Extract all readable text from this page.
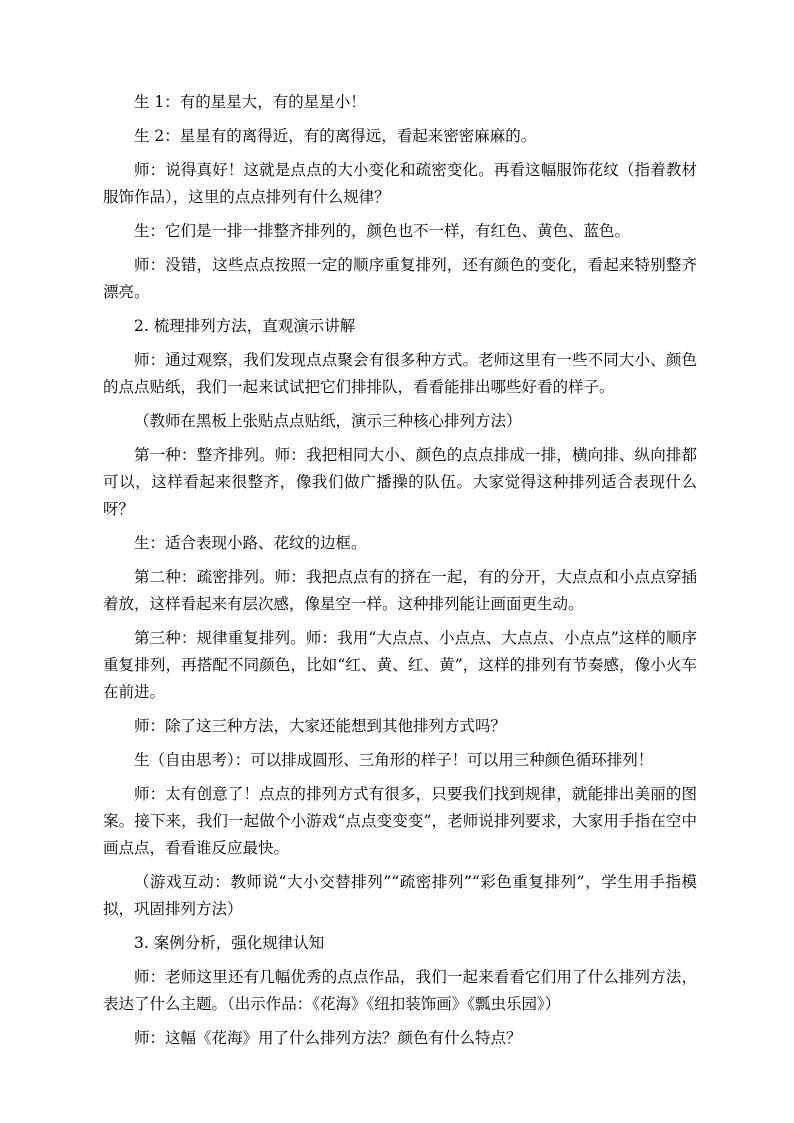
生 1：有的星星大，有的星星小！

生 2：星星有的离得近，有的离得远，看起来密密麻麻的。

师：说得真好！这就是点点的大小变化和疏密变化。再看这幅服饰花纹（指着教材服饰作品），这里的点点排列有什么规律？

生：它们是一排一排整齐排列的，颜色也不一样，有红色、黄色、蓝色。

师：没错，这些点点按照一定的顺序重复排列，还有颜色的变化，看起来特别整齐漂亮。

2. 梳理排列方法，直观演示讲解

师：通过观察，我们发现点点聚会有很多种方式。老师这里有一些不同大小、颜色的点点贴纸，我们一起来试试把它们排排队，看看能排出哪些好看的样子。

（教师在黑板上张贴点点贴纸，演示三种核心排列方法）

第一种：整齐排列。师：我把相同大小、颜色的点点排成一排，横向排、纵向排都可以，这样看起来很整齐，像我们做广播操的队伍。大家觉得这种排列适合表现什么呀？

生：适合表现小路、花纹的边框。

第二种：疏密排列。师：我把点点有的挤在一起，有的分开，大点点和小点点穿插着放，这样看起来有层次感，像星空一样。这种排列能让画面更生动。

第三种：规律重复排列。师：我用“大点点、小点点、大点点、小点点”这样的顺序重复排列，再搭配不同颜色，比如“红、黄、红、黄”，这样的排列有节奏感，像小火车在前进。

师：除了这三种方法，大家还能想到其他排列方式吗？

生（自由思考）：可以排成圆形、三角形的样子！可以用三种颜色循环排列！

师：太有创意了！点点的排列方式有很多，只要我们找到规律，就能排出美丽的图案。接下来，我们一起做个小游戏“点点变变变”，老师说排列要求，大家用手指在空中画点点，看看谁反应最快。

（游戏互动：教师说“大小交替排列”“疏密排列”“彩色重复排列”，学生用手指模拟，巩固排列方法）

3. 案例分析，强化规律认知

师：老师这里还有几幅优秀的点点作品，我们一起来看看它们用了什么排列方法，表达了什么主题。（出示作品：《花海》《纽扣装饰画》《瓢虫乐园》）

师：这幅《花海》用了什么排列方法？颜色有什么特点？
